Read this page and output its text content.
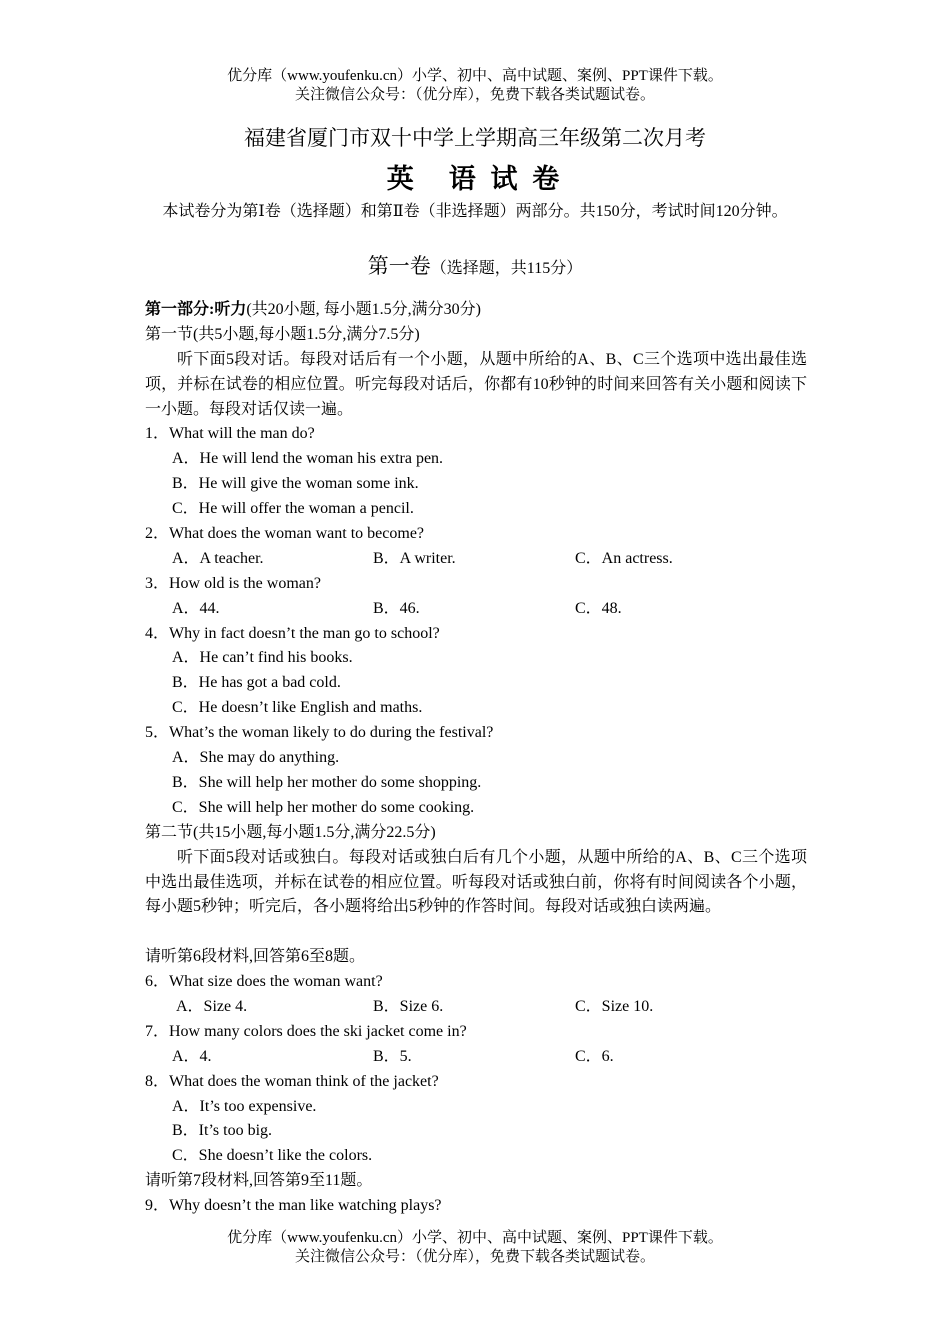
优分库（www.youfenku.cn）小学、初中、高中试题、案例、PPT课件下载。
关注微信公众号：（优分库），免费下载各类试题试卷。
福建省厦门市双十中学上学期高三年级第二次月考
英　语 试 卷
本试卷分为第Ⅰ卷（选择题）和第Ⅱ卷（非选择题）两部分。共150分，考试时间120分钟。
第一卷（选择题，共115分）
第一部分:听力(共20小题, 每小题1.5分,满分30分)
第一节(共5小题,每小题1.5分,满分7.5分)
听下面5段对话。每段对话后有一个小题，从题中所给的A、B、C三个选项中选出最佳选项，并标在试卷的相应位置。听完每段对话后，你都有10秒钟的时间来回答有关小题和阅读下一小题。每段对话仅读一遍。
1．What will the man do?
A．He will lend the woman his extra pen.
B．He will give the woman some ink.
C．He will offer the woman a pencil.
2．What does the woman want to become?
A．A teacher.	B．A writer.	C．An actress.
3．How old is the woman?
A．44.	B．46.	C．48.
4．Why in fact doesn’t the man go to school?
A．He can’t find his books.
B．He has got a bad cold.
C．He doesn’t like English and maths.
5．What’s the woman likely to do during the festival?
A．She may do anything.
B．She will help her mother do some shopping.
C．She will help her mother do some cooking.
第二节(共15小题,每小题1.5分,满分22.5分)
听下面5段对话或独白。每段对话或独白后有几个小题，从题中所给的A、B、C三个选项中选出最佳选项，并标在试卷的相应位置。听每段对话或独白前，你将有时间阅读各个小题，每小题5秒钟；听完后，各小题将给出5秒钟的作答时间。每段对话或独白读两遍。
请听第6段材料,回答第6至8题。
6．What size does the woman want?
A．Size 4.	B．Size 6.	C．Size 10.
7．How many colors does the ski jacket come in?
A．4.	B．5.	C．6.
8．What does the woman think of the jacket?
A．It’s too expensive.
B．It’s too big.
C．She doesn’t like the colors.
请听第7段材料,回答第9至11题。
9．Why doesn’t the man like watching plays?
优分库（www.youfenku.cn）小学、初中、高中试题、案例、PPT课件下载。
关注微信公众号：（优分库），免费下载各类试题试卷。
